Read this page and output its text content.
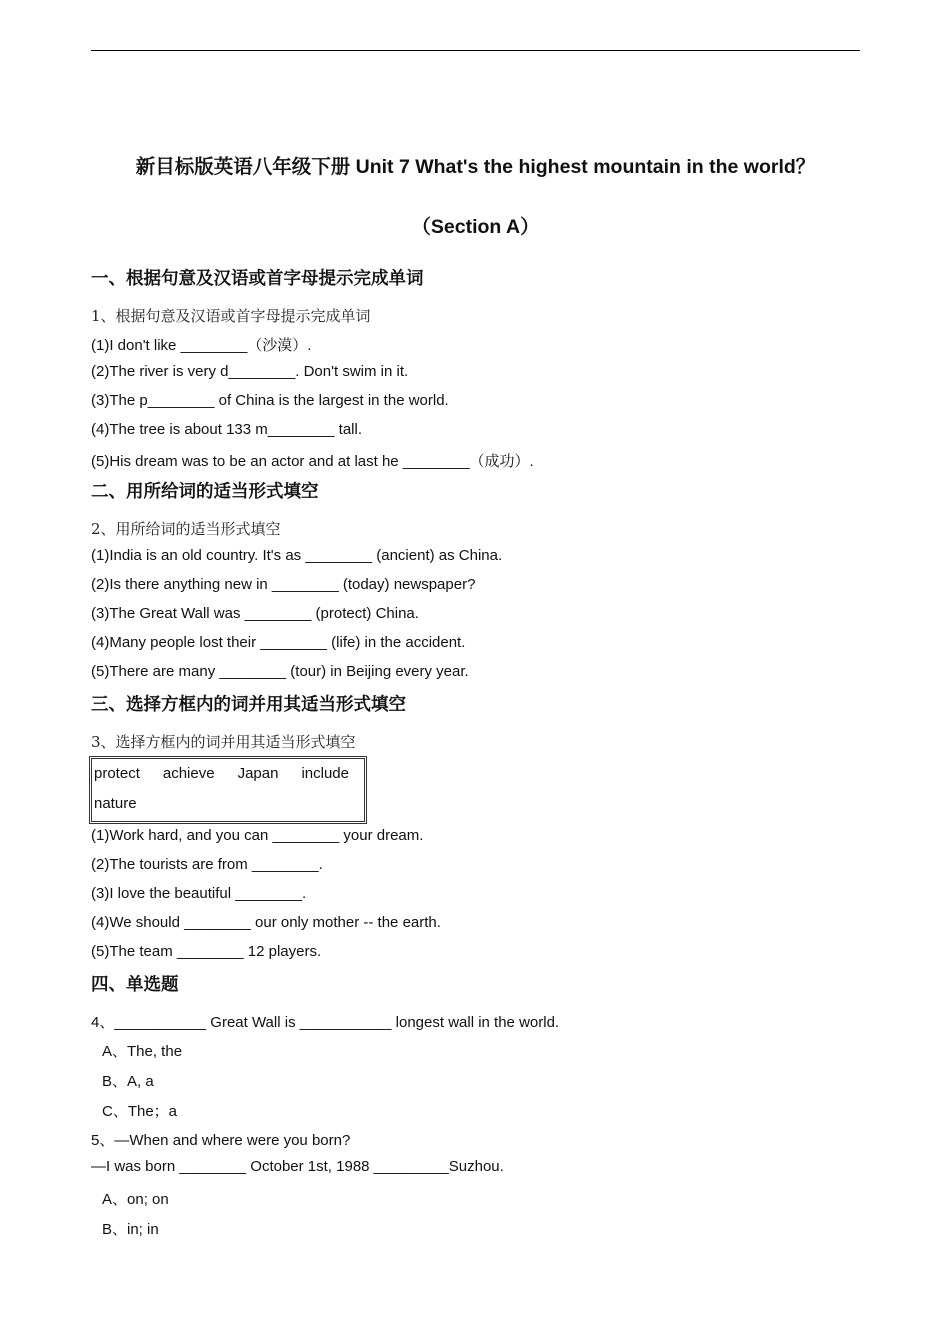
新目标版英语八年级下册 Unit 7 What's the highest mountain in the world？
（Section A）
一、根据句意及汉语或首字母提示完成单词
1、根据句意及汉语或首字母提示完成单词
(1)I don't like ________（沙漠）.
(2)The river is very d________. Don't swim in it.
(3)The p________ of China is the largest in the world.
(4)The tree is about 133 m________ tall.
(5)His dream was to be an actor and at last he ________（成功）.
二、用所给词的适当形式填空
2、用所给词的适当形式填空
(1)India is an old country. It's as ________ (ancient) as China.
(2)Is there anything new in ________ (today) newspaper?
(3)The Great Wall was ________ (protect) China.
(4)Many people lost their ________ (life) in the accident.
(5)There are many ________ (tour) in Beijing every year.
三、选择方框内的词并用其适当形式填空
3、选择方框内的词并用其适当形式填空
protect achieve Japan include
nature
(1)Work hard, and you can ________ your dream.
(2)The tourists are from ________.
(3)I love the beautiful ________.
(4)We should ________ our only mother -- the earth.
(5)The team ________ 12 players.
四、单选题
4、___________ Great Wall is ___________ longest wall in the world.
A、The, the
B、A, a
C、The；a
5、—When and where were you born?
—I was born ________ October 1st, 1988 _________Suzhou.
A、on; on
B、in; in
